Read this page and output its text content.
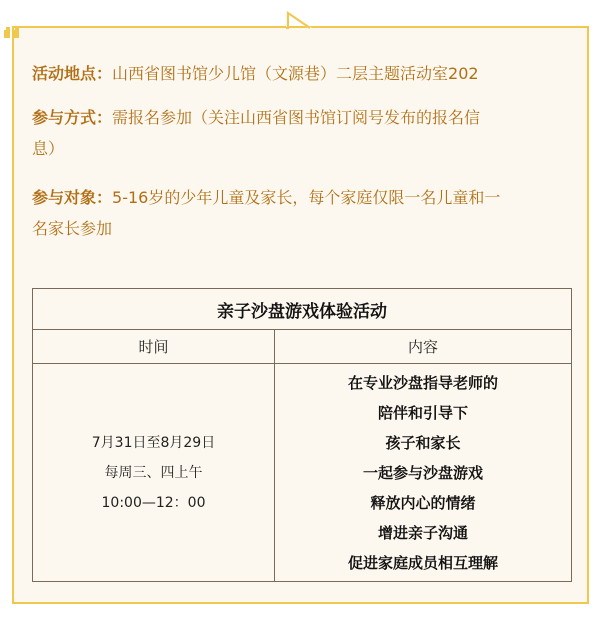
活动地点：山西省图书馆少儿馆（文源巷）二层主题活动室202
参与方式：需报名参加（关注山西省图书馆订阅号发布的报名信
息）
参与对象：5-16岁的少年儿童及家长，每个家庭仅限一名儿童和一
名家长参加
亲子沙盘游戏体验活动
时间	内容
7月31日至8月29日
每周三、四上午
10:00—12：00
在专业沙盘指导老师的
陪伴和引导下
孩子和家长
一起参与沙盘游戏
释放内心的情绪
增进亲子沟通
促进家庭成员相互理解
